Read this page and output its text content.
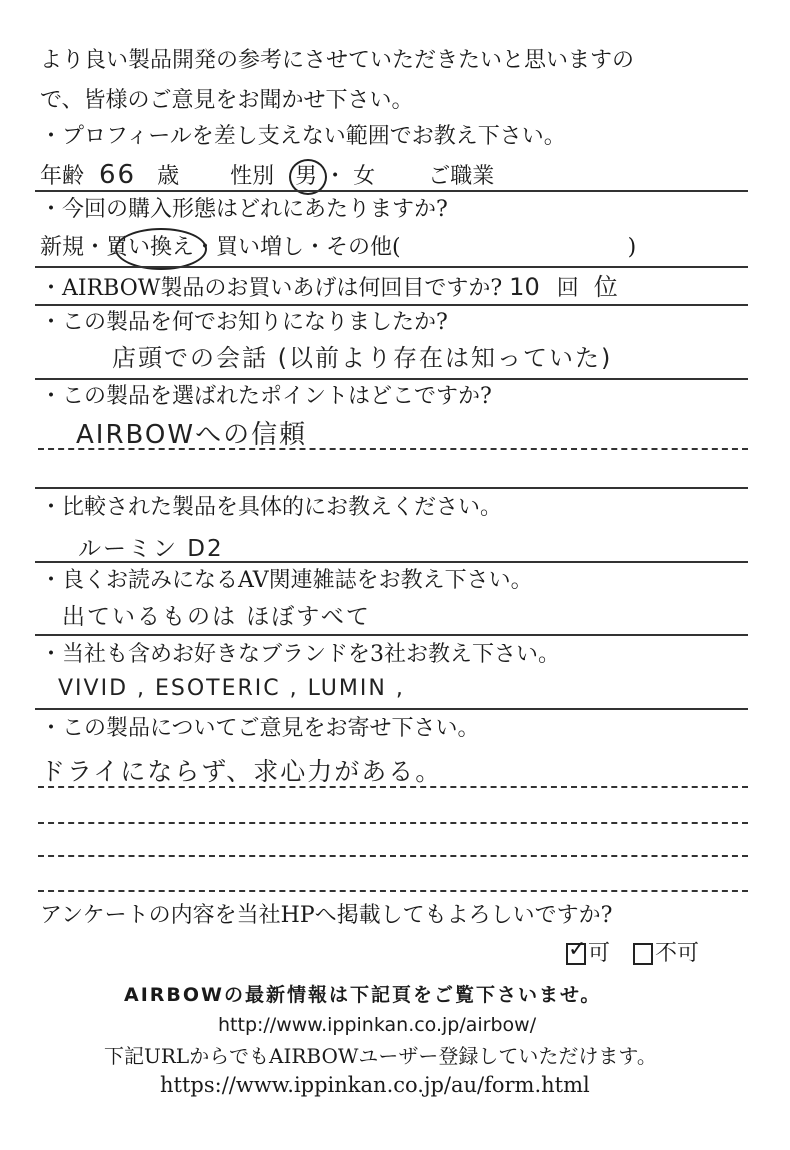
より良い製品開発の参考にさせていただきたいと思いますの
で、皆様のご意見をお聞かせ下さい。
・プロフィールを差し支えない範囲でお教え下さい。
年齢 66 歳 性別 男 ・ 女 ご職業
・今回の購入形態はどれにあたりますか?
新規・買い換え・買い増し・その他(	)
・AIRBOW製品のお買いあげは何回目ですか? 10 回 位
・この製品を何でお知りになりましたか?
店頭での会話 (以前より存在は知っていた)
・この製品を選ばれたポイントはどこですか?
AIRBOWへの信頼
・比較された製品を具体的にお教えください。
ルーミン D2
・良くお読みになるAV関連雑誌をお教え下さい。
出ているものは ほぼすべて
・当社も含めお好きなブランドを3社お教え下さい。
VIVID , ESOTERIC , LUMIN ,
・この製品についてご意見をお寄せ下さい。
ドライにならず、求心力がある。
アンケートの内容を当社HPへ掲載してもよろしいですか?
✓ 可 不可
AIRBOWの最新情報は下記頁をご覧下さいませ。
http://www.ippinkan.co.jp/airbow/
下記URLからでもAIRBOWユーザー登録していただけます。
https://www.ippinkan.co.jp/au/form.html
